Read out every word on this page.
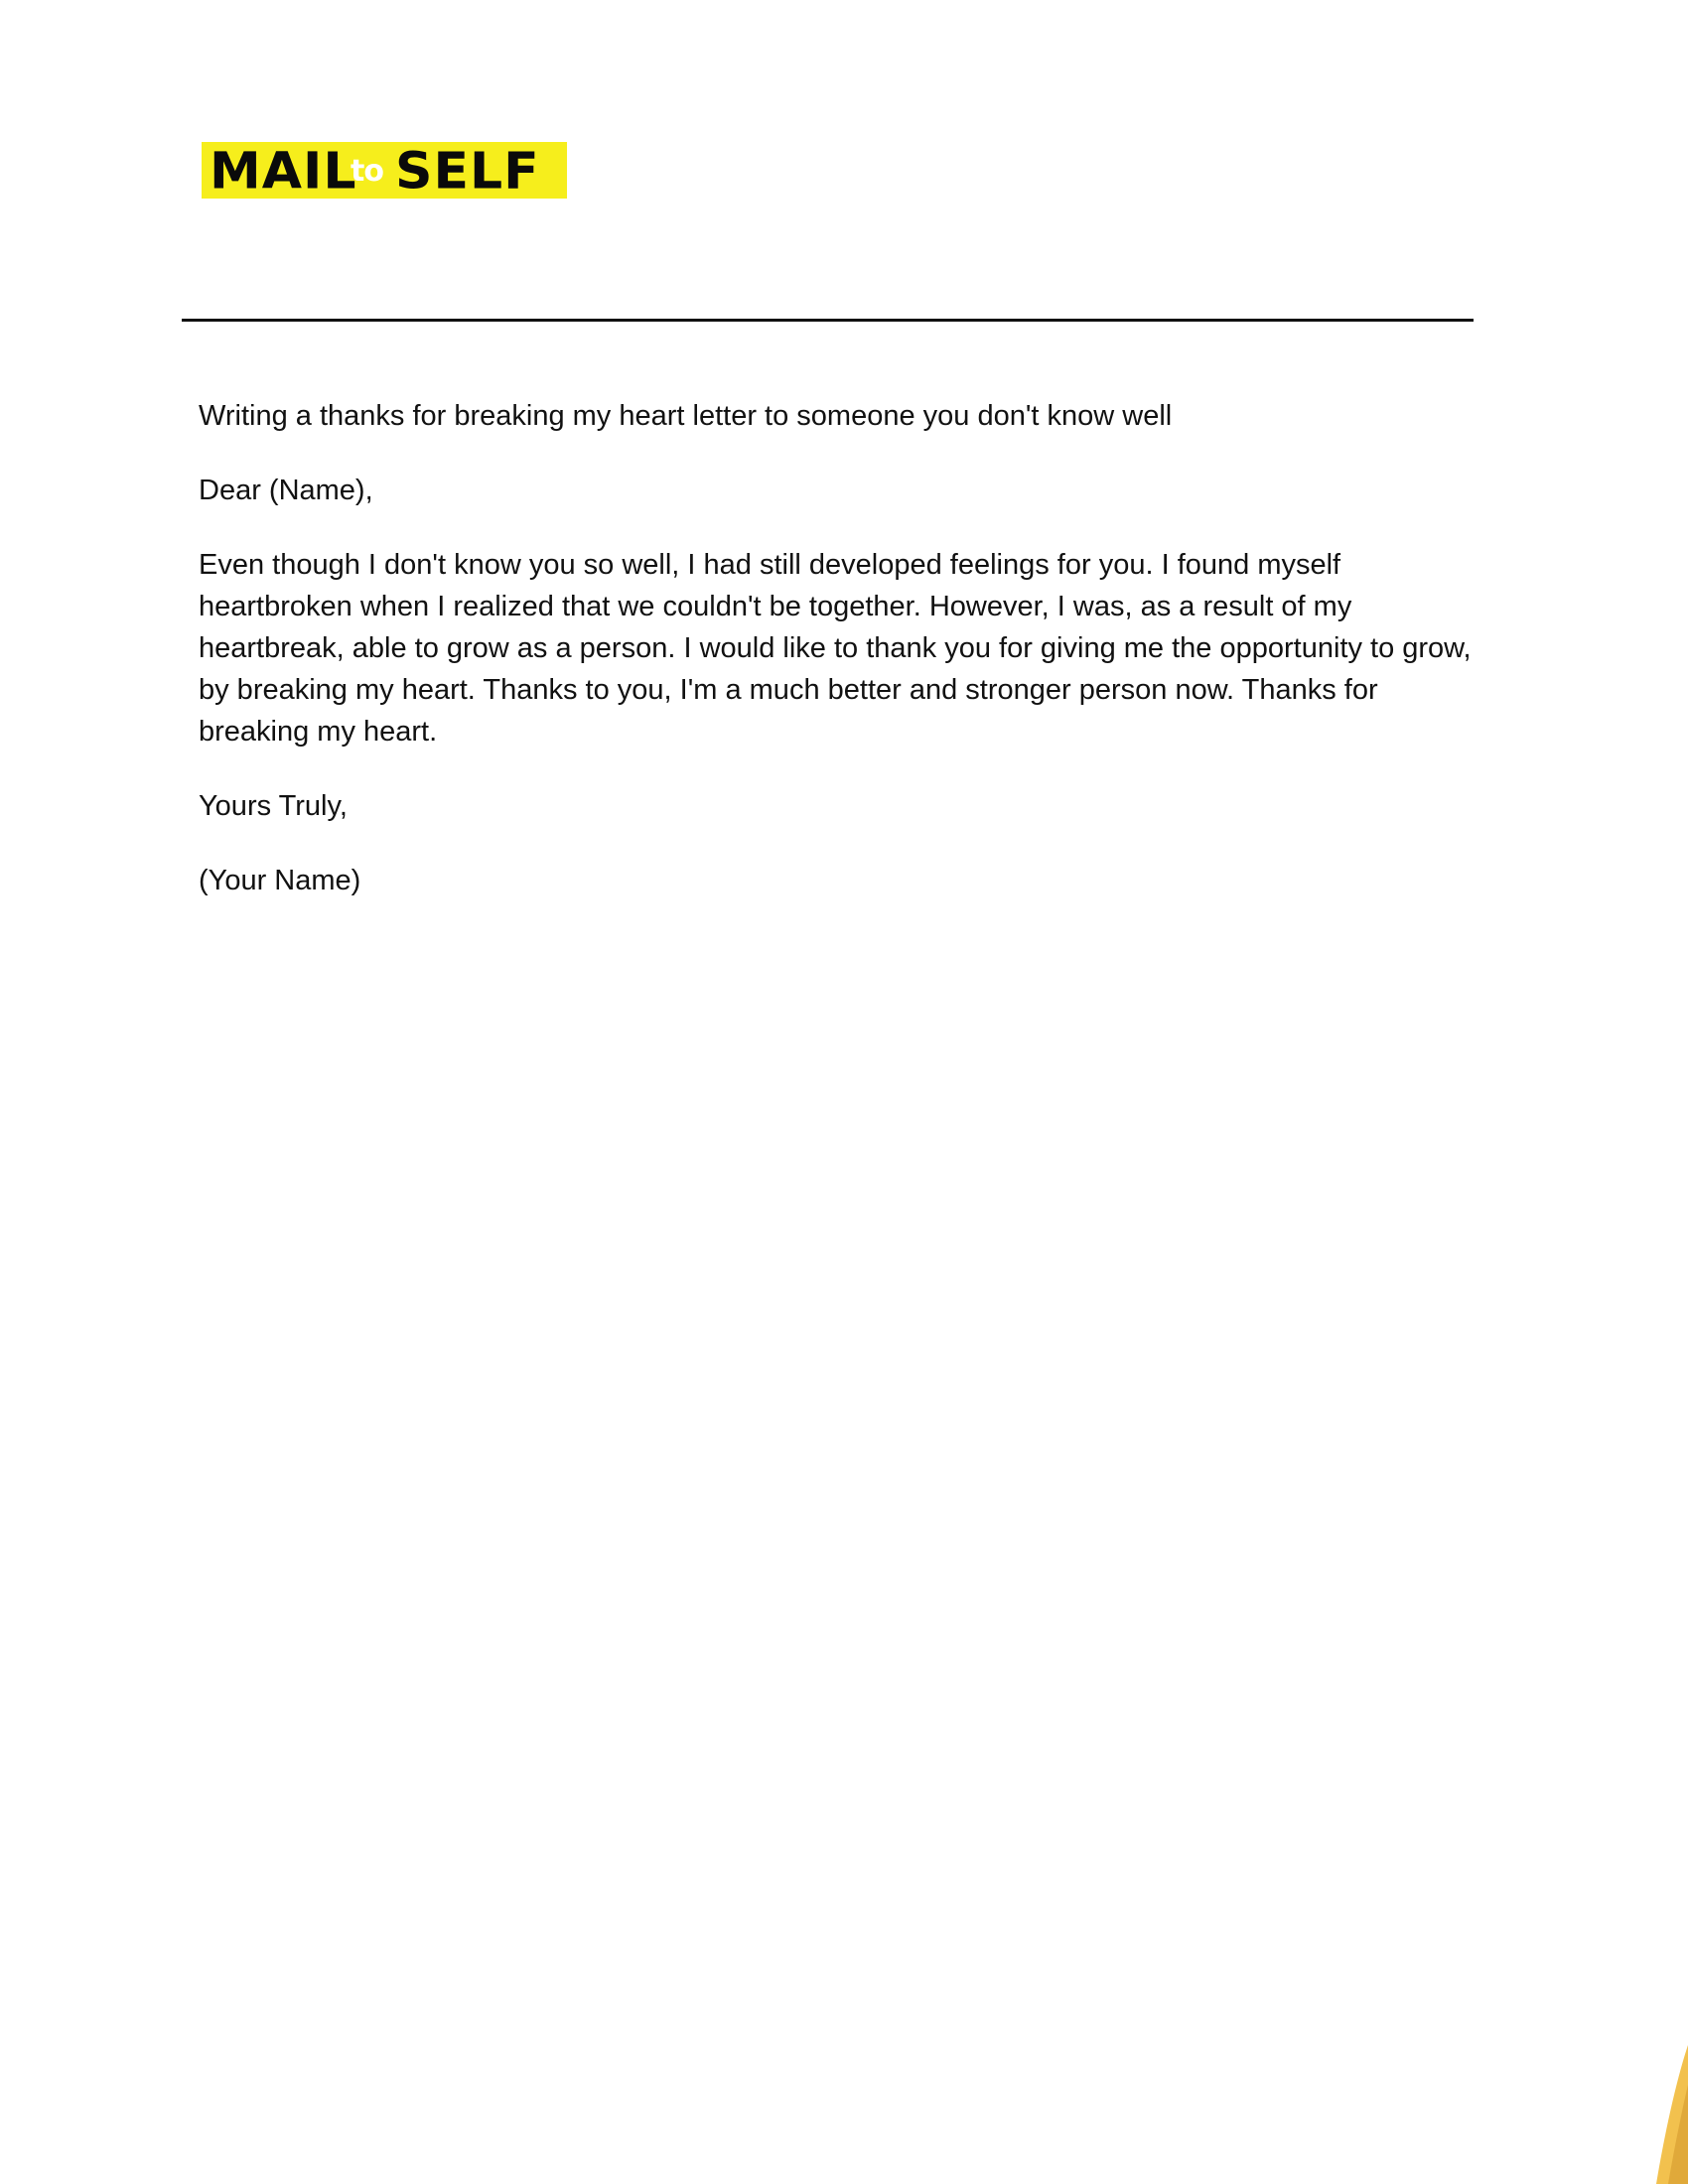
MAIL
to SELF

Writing a thanks for breaking my heart letter to someone you don't know well

Dear (Name),

Even though I don't know you so well, I had still developed feelings for you. I found myself heartbroken when I realized that we couldn't be together. However, I was, as a result of my heartbreak, able to grow as a person. I would like to thank you for giving me the opportunity to grow, by breaking my heart. Thanks to you, I'm a much better and stronger person now. Thanks for breaking my heart.

Yours Truly,

(Your Name)
